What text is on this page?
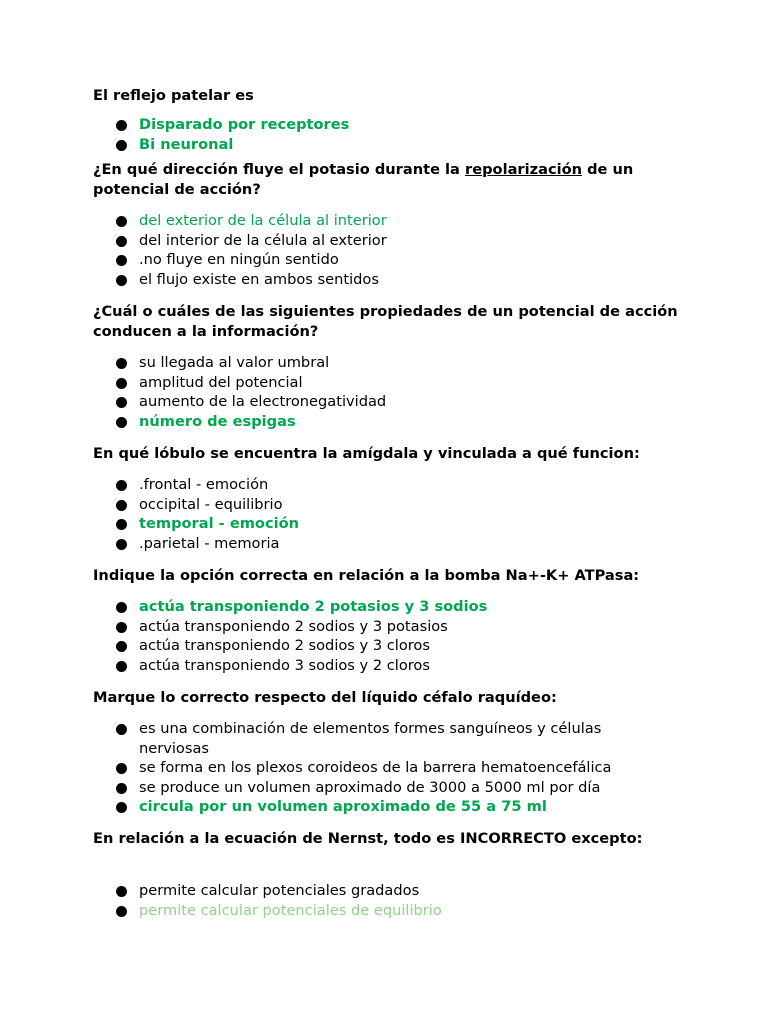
El reflejo patelar es
Disparado por receptores
Bi neuronal
¿En qué dirección fluye el potasio durante la repolarización de un potencial de acción?
del exterior de la célula al interior
del interior de la célula al exterior
.no fluye en ningún sentido
el flujo existe en ambos sentidos
¿Cuál o cuáles de las siguientes propiedades de un potencial de acción conducen a la información?
su llegada al valor umbral
amplitud del potencial
aumento de la electronegatividad
número de espigas
En qué lóbulo se encuentra la amígdala y vinculada a qué funcion:
.frontal - emoción
occipital - equilibrio
temporal - emoción
.parietal - memoria
Indique la opción correcta en relación a la bomba Na+-K+ ATPasa:
actúa transponiendo 2 potasios y 3 sodios
actúa transponiendo 2 sodios y 3 potasios
actúa transponiendo 2 sodios y 3 cloros
actúa transponiendo 3 sodios y 2 cloros
Marque lo correcto respecto del líquido céfalo raquídeo:
es una combinación de elementos formes sanguíneos y células nerviosas
se forma en los plexos coroideos de la barrera hematoencefálica
se produce un volumen aproximado de 3000 a 5000 ml por día
circula por un volumen aproximado de 55 a 75 ml
En relación a la ecuación de Nernst, todo es INCORRECTO excepto:
permite calcular potenciales gradados
permite calcular potenciales de equilibrio
